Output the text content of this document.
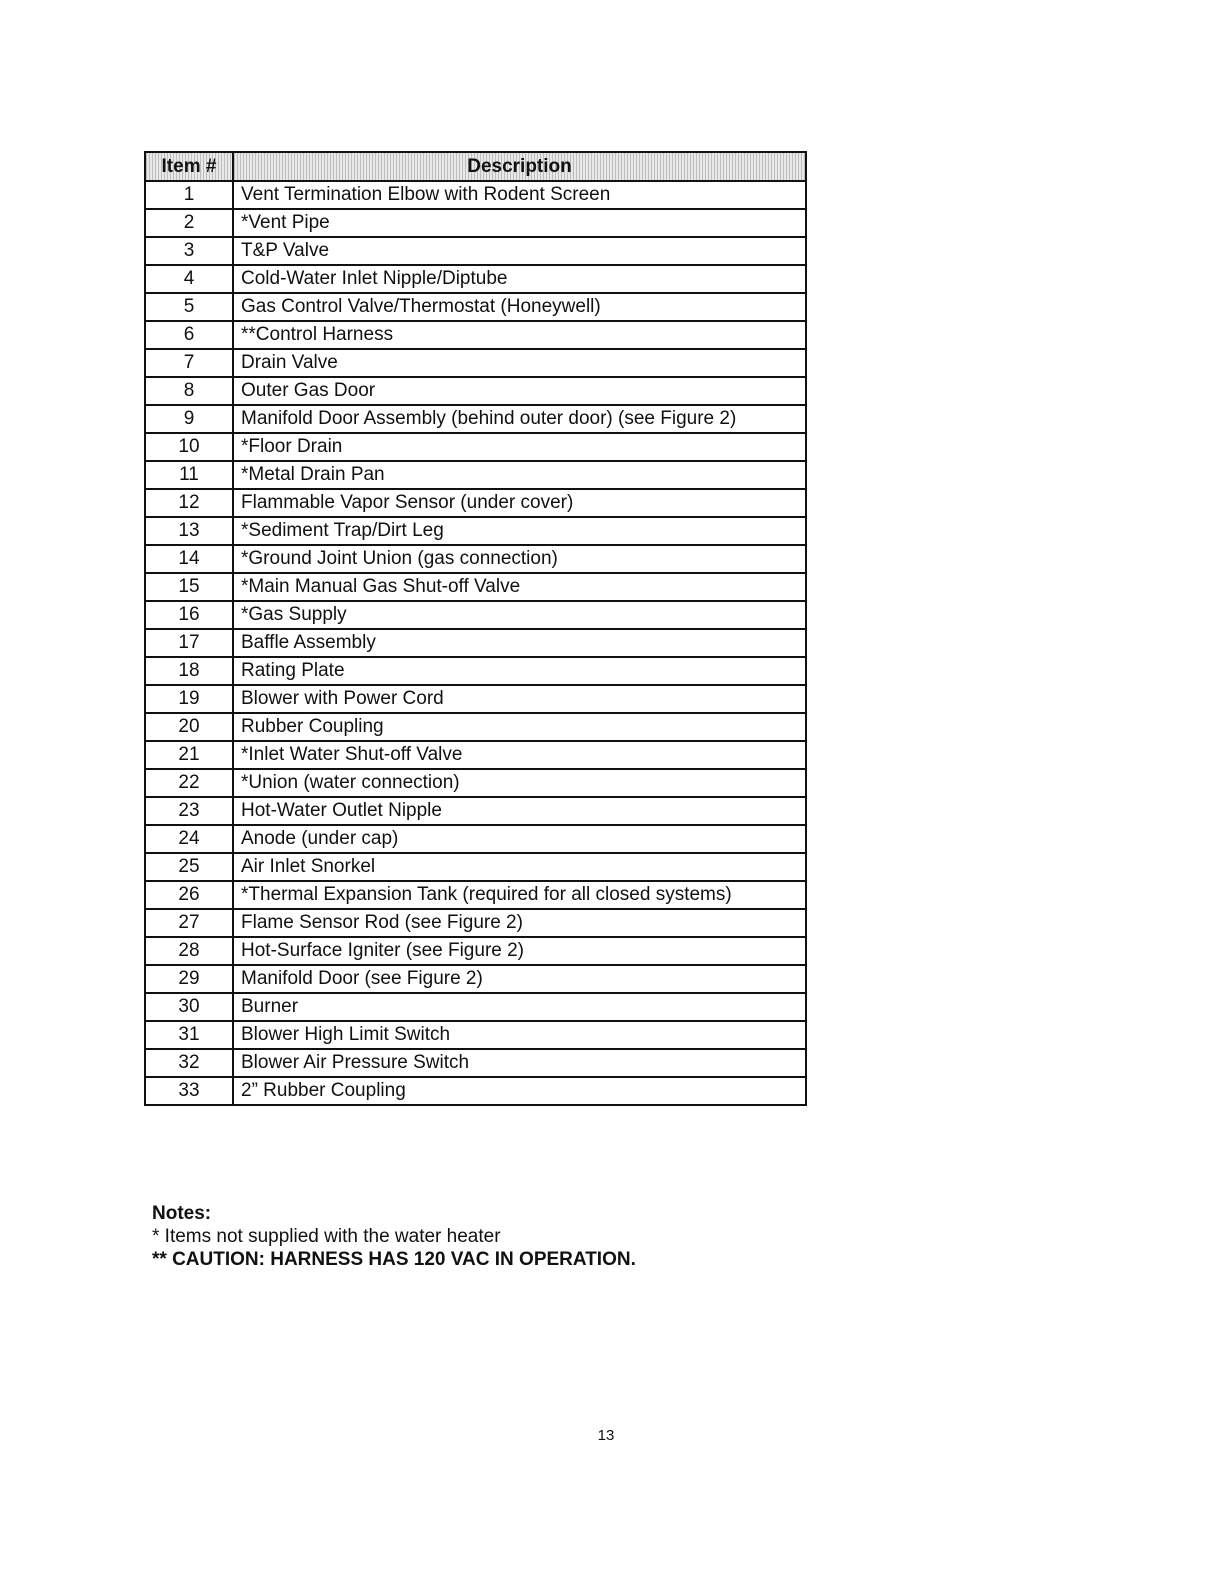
Item #	Description
1	Vent Termination Elbow with Rodent Screen
2	*Vent Pipe
3	T&P Valve
4	Cold-Water Inlet Nipple/Diptube
5	Gas Control Valve/Thermostat (Honeywell)
6	**Control Harness
7	Drain Valve
8	Outer Gas Door
9	Manifold Door Assembly (behind outer door) (see Figure 2)
10	*Floor Drain
11	*Metal Drain Pan
12	Flammable Vapor Sensor (under cover)
13	*Sediment Trap/Dirt Leg
14	*Ground Joint Union (gas connection)
15	*Main Manual Gas Shut-off Valve
16	*Gas Supply
17	Baffle Assembly
18	Rating Plate
19	Blower with Power Cord
20	Rubber Coupling
21	*Inlet Water Shut-off Valve
22	*Union (water connection)
23	Hot-Water Outlet Nipple
24	Anode (under cap)
25	Air Inlet Snorkel
26	*Thermal Expansion Tank (required for all closed systems)
27	Flame Sensor Rod (see Figure 2)
28	Hot-Surface Igniter (see Figure 2)
29	Manifold Door (see Figure 2)
30	Burner
31	Blower High Limit Switch
32	Blower Air Pressure Switch
33	2” Rubber Coupling
Notes:
* Items not supplied with the water heater
** CAUTION: HARNESS HAS 120 VAC IN OPERATION.
13
